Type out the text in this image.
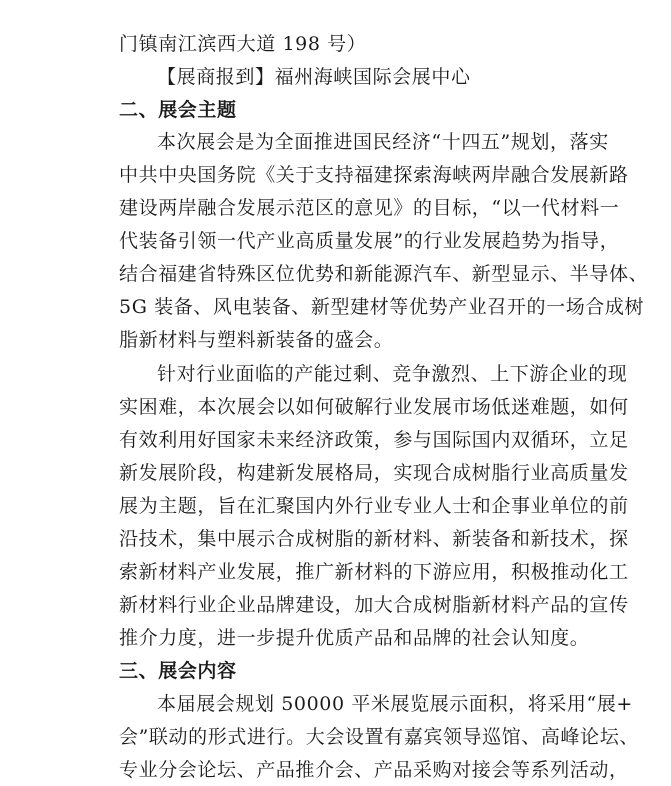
门镇南江滨西大道 198 号）
【展商报到】福州海峡国际会展中心
二、展会主题
本次展会是为全面推进国民经济“十四五”规划，落实
中共中央国务院《关于支持福建探索海峡两岸融合发展新路
建设两岸融合发展示范区的意见》的目标，“以一代材料一
代装备引领一代产业高质量发展”的行业发展趋势为指导，
结合福建省特殊区位优势和新能源汽车、新型显示、半导体、
5G 装备、风电装备、新型建材等优势产业召开的一场合成树
脂新材料与塑料新装备的盛会。
针对行业面临的产能过剩、竞争激烈、上下游企业的现
实困难，本次展会以如何破解行业发展市场低迷难题，如何
有效利用好国家未来经济政策，参与国际国内双循环，立足
新发展阶段，构建新发展格局，实现合成树脂行业高质量发
展为主题，旨在汇聚国内外行业专业人士和企事业单位的前
沿技术，集中展示合成树脂的新材料、新装备和新技术，探
索新材料产业发展，推广新材料的下游应用，积极推动化工
新材料行业企业品牌建设，加大合成树脂新材料产品的宣传
推介力度，进一步提升优质产品和品牌的社会认知度。
三、展会内容
本届展会规划 50000 平米展览展示面积，将采用“展+
会”联动的形式进行。大会设置有嘉宾领导巡馆、高峰论坛、
专业分会论坛、产品推介会、产品采购对接会等系列活动，
